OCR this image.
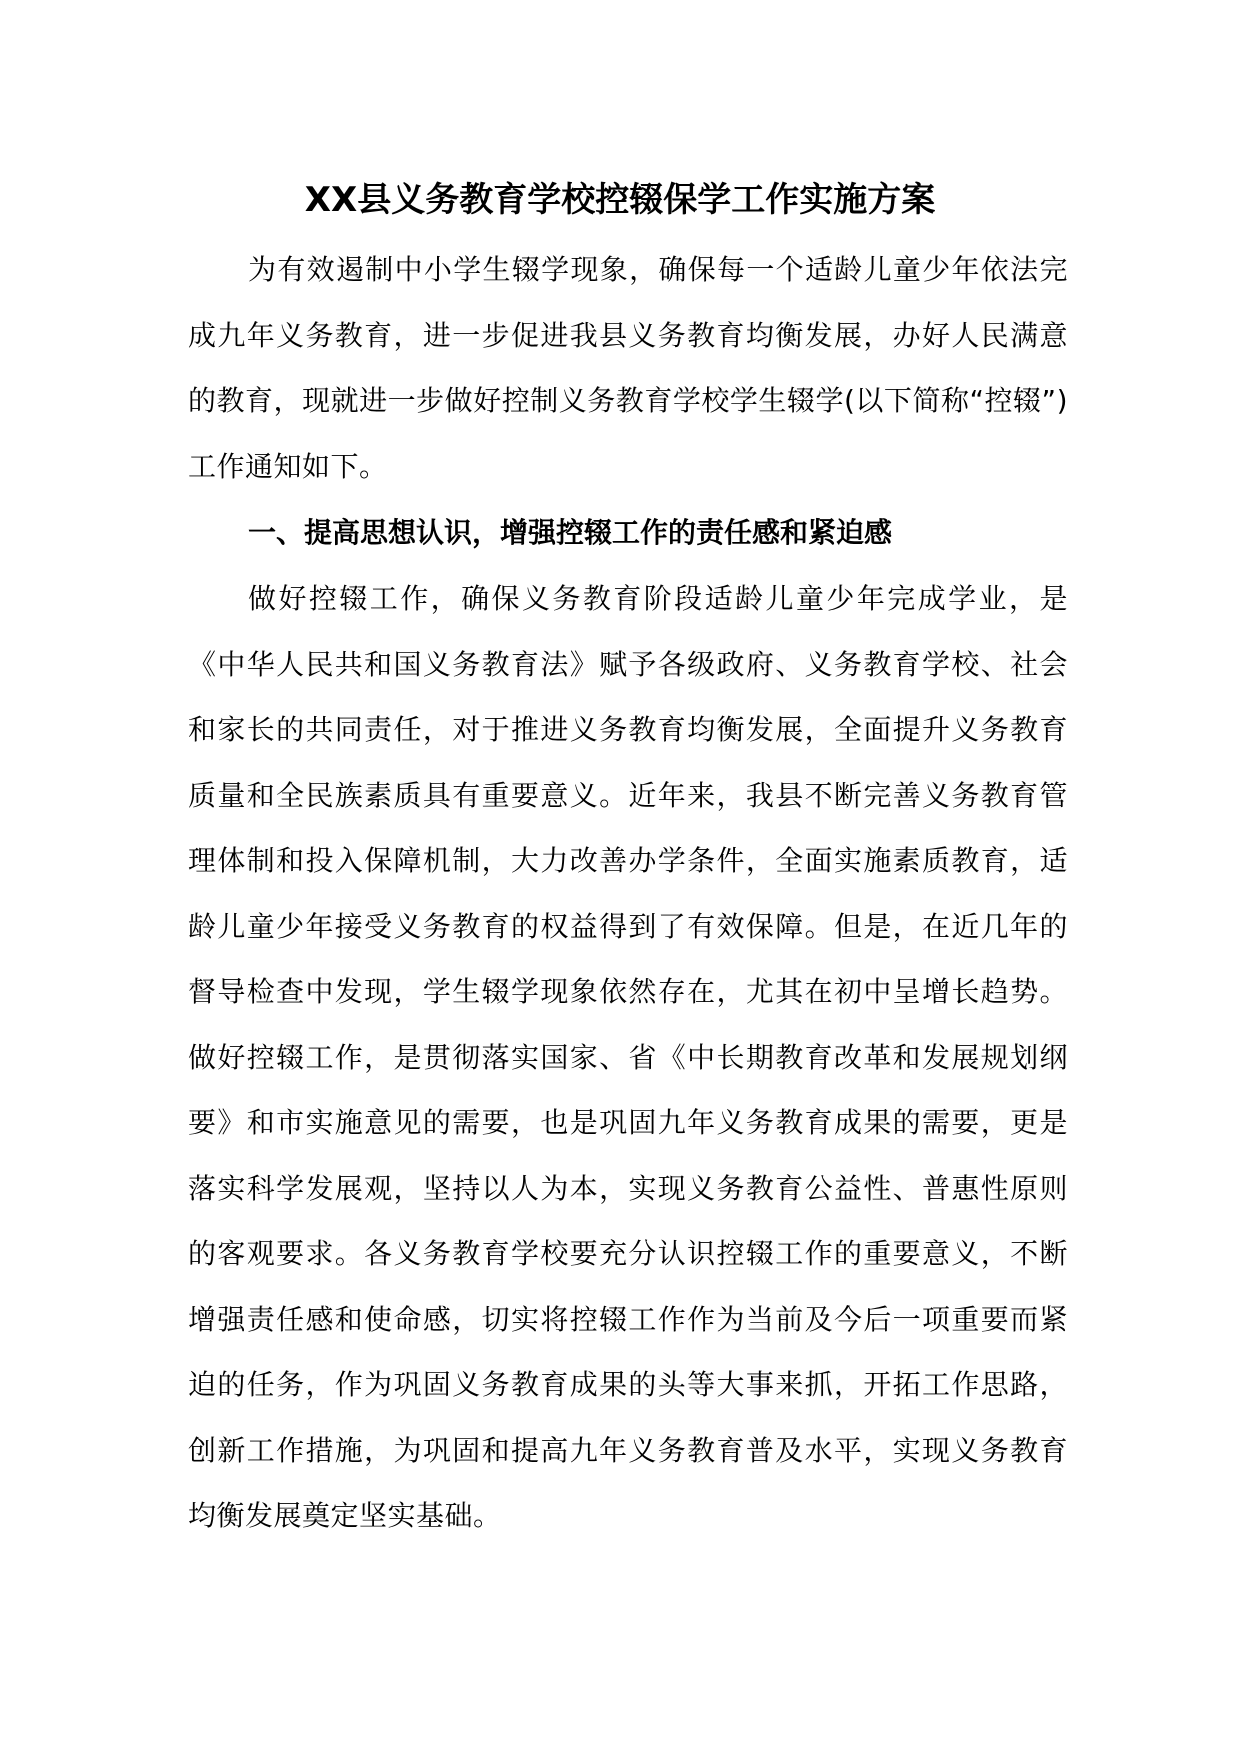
XX县义务教育学校控辍保学工作实施方案

为有效遏制中小学生辍学现象，确保每一个适龄儿童少年依法完成九年义务教育，进一步促进我县义务教育均衡发展，办好人民满意的教育，现就进一步做好控制义务教育学校学生辍学(以下简称“控辍”)工作通知如下。

一、提高思想认识，增强控辍工作的责任感和紧迫感

做好控辍工作，确保义务教育阶段适龄儿童少年完成学业，是《中华人民共和国义务教育法》赋予各级政府、义务教育学校、社会和家长的共同责任，对于推进义务教育均衡发展，全面提升义务教育质量和全民族素质具有重要意义。近年来，我县不断完善义务教育管理体制和投入保障机制，大力改善办学条件，全面实施素质教育，适龄儿童少年接受义务教育的权益得到了有效保障。但是，在近几年的督导检查中发现，学生辍学现象依然存在，尤其在初中呈增长趋势。做好控辍工作，是贯彻落实国家、省《中长期教育改革和发展规划纲要》和市实施意见的需要，也是巩固九年义务教育成果的需要，更是落实科学发展观，坚持以人为本，实现义务教育公益性、普惠性原则的客观要求。各义务教育学校要充分认识控辍工作的重要意义，不断增强责任感和使命感，切实将控辍工作作为当前及今后一项重要而紧迫的任务，作为巩固义务教育成果的头等大事来抓，开拓工作思路，创新工作措施，为巩固和提高九年义务教育普及水平，实现义务教育均衡发展奠定坚实基础。
